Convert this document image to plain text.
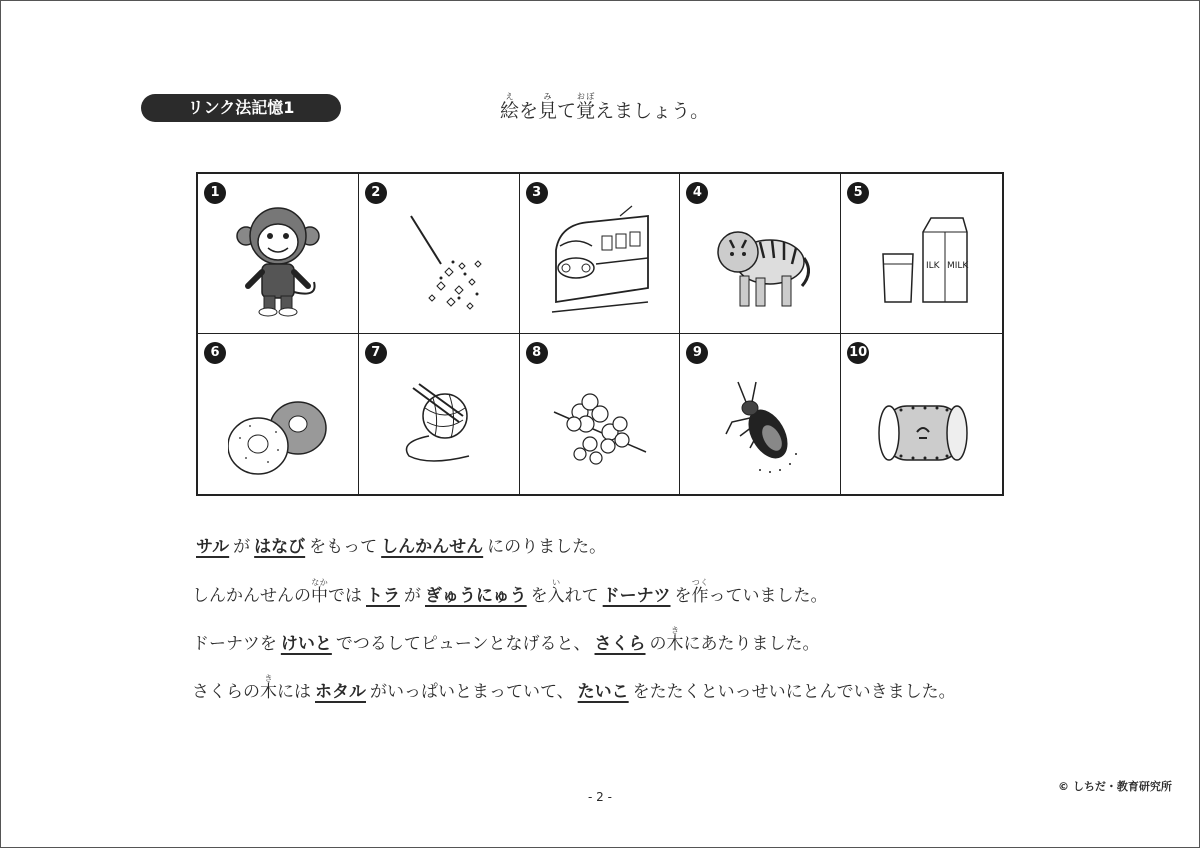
リンク法記憶1	絵えを見みて覚おぼえましょう。
1	2	3	4	5
ILK MILK
6	7	8	9	10
サル が はなび をもって しんかんせん にのりました。
しんかんせんの中なかでは トラ が ぎゅうにゅう を入いれて ドーナツ を作つくっていました。
ドーナツを けいと でつるしてピューンとなげると、 さくら の木きにあたりました。
さくらの木きには ホタル がいっぱいとまっていて、 たいこ をたたくといっせいにとんでいきました。
- 2 -
© しちだ・教育研究所
